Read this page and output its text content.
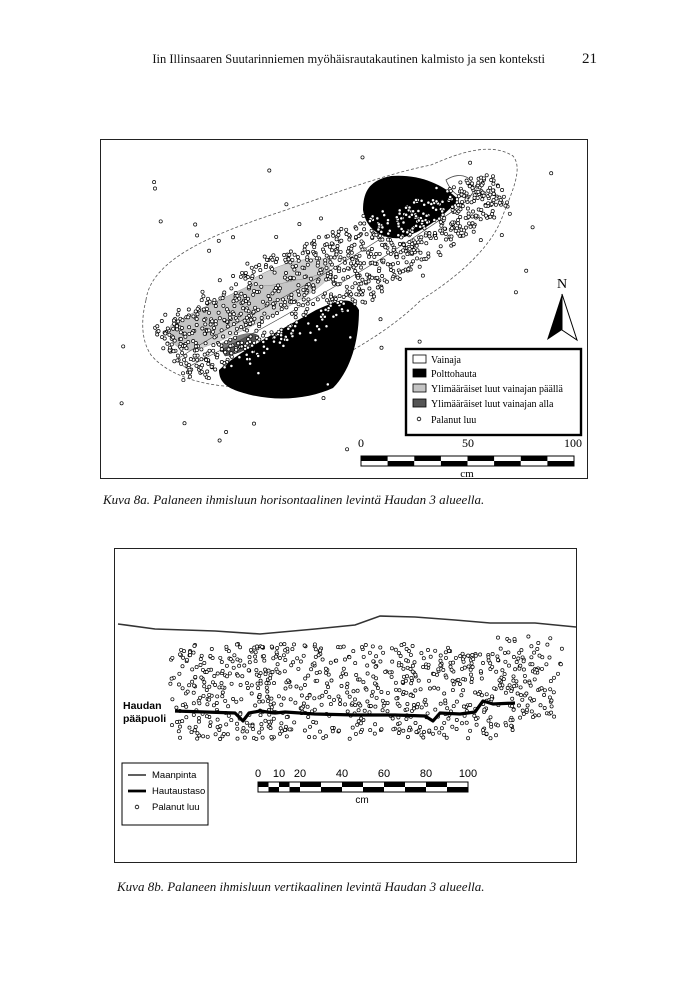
Iin Illinsaaren Suutarinniemen myöhäisrautakautinen kalmisto ja sen konteksti 21
N
Vainaja
Polttohauta
Ylimääräiset luut vainajan päällä
Ylimääräiset luut vainajan alla
Palanut luu
0	50	100
cm
Kuva 8a. Palaneen ihmisluun horisontaalinen levintä Haudan 3 alueella.
Haudan
pääpuoli
Maanpinta
Hautaustaso
Palanut luu
0 10 20	40	60	80 100
cm
Kuva 8b. Palaneen ihmisluun vertikaalinen levintä Haudan 3 alueella.
